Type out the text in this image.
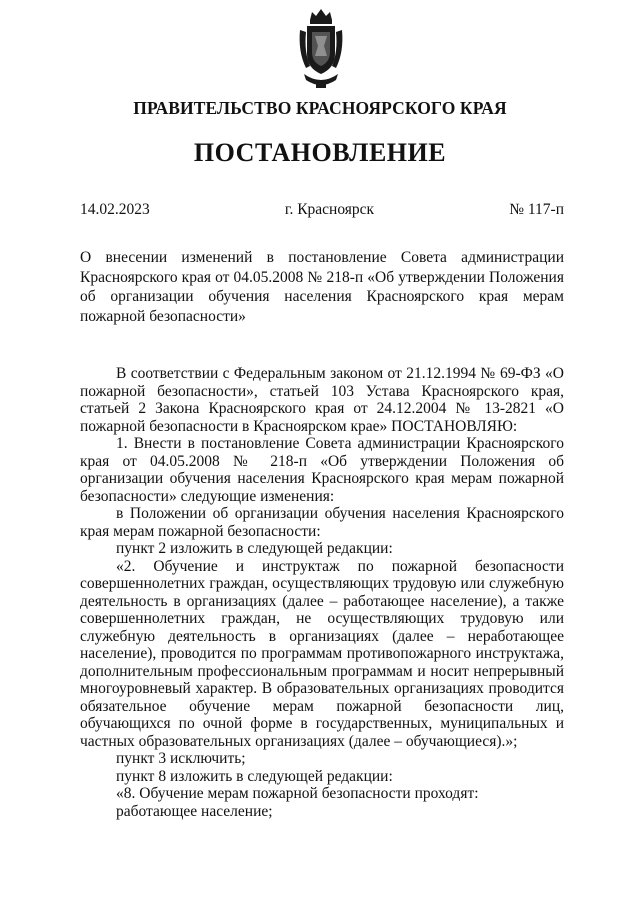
ПРАВИТЕЛЬСТВО КРАСНОЯРСКОГО КРАЯ
ПОСТАНОВЛЕНИЕ
14.02.2023	г. Красноярск	№ 117-п
О внесении изменений в постановление Совета администрации Красноярского края от 04.05.2008 № 218-п «Об утверждении Положения об организации обучения населения Красноярского края мерам пожарной безопасности»

В соответствии с Федеральным законом от 21.12.1994 № 69-ФЗ «О пожарной безопасности», статьей 103 Устава Красноярского края, статьей 2 Закона Красноярского края от 24.12.2004 № 13-2821 «О пожарной безопасности в Красноярском крае» ПОСТАНОВЛЯЮ:

1. Внести в постановление Совета администрации Красноярского края от 04.05.2008 № 218-п «Об утверждении Положения об организации обучения населения Красноярского края мерам пожарной безопасности» следующие изменения:

в Положении об организации обучения населения Красноярского края мерам пожарной безопасности:

пункт 2 изложить в следующей редакции:

«2. Обучение и инструктаж по пожарной безопасности совершеннолетних граждан, осуществляющих трудовую или служебную деятельность в организациях (далее – работающее население), а также совершеннолетних граждан, не осуществляющих трудовую или служебную деятельность в организациях (далее – неработающее население), проводится по программам противопожарного инструктажа, дополнительным профессиональным программам и носит непрерывный многоуровневый характер. В образовательных организациях проводится обязательное обучение мерам пожарной безопасности лиц, обучающихся по очной форме в государственных, муниципальных и частных образовательных организациях (далее – обучающиеся).»;

пункт 3 исключить;

пункт 8 изложить в следующей редакции:

«8. Обучение мерам пожарной безопасности проходят:

работающее население;
